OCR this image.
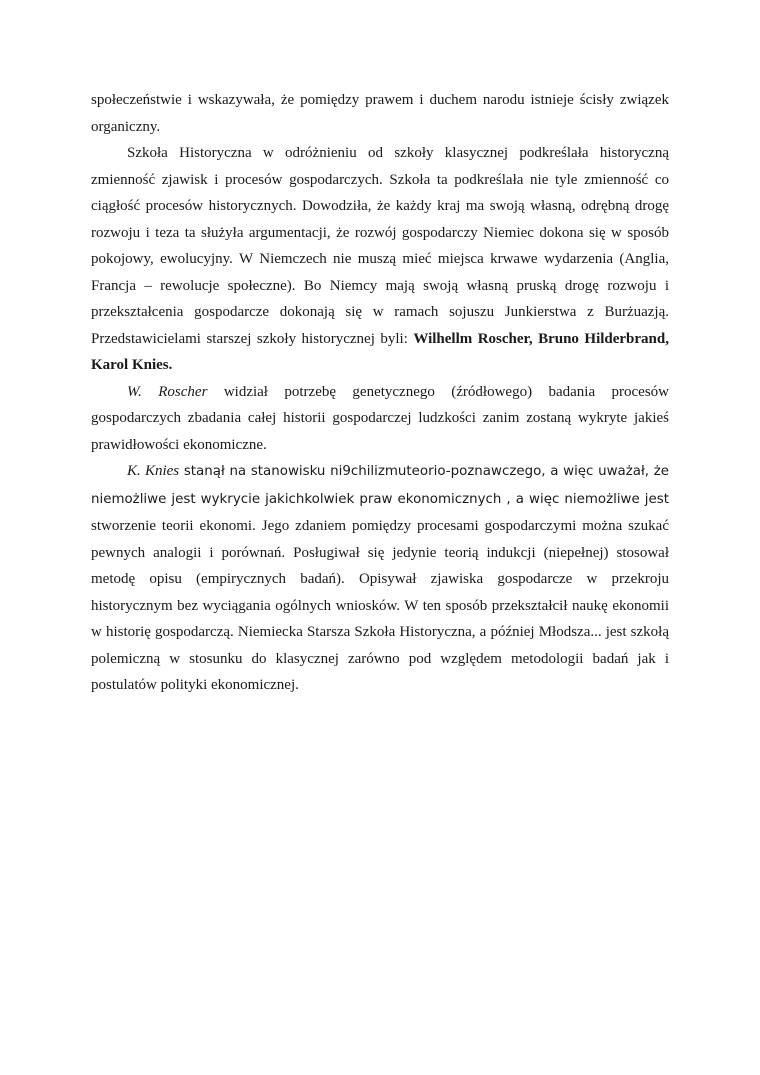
społeczeństwie i wskazywała, że pomiędzy prawem i duchem narodu istnieje ścisły związek organiczny.

Szkoła Historyczna w odróżnieniu od szkoły klasycznej podkreślała historyczną zmienność zjawisk i procesów gospodarczych. Szkoła ta podkreślała nie tyle zmienność co ciągłość procesów historycznych. Dowodziła, że każdy kraj ma swoją własną, odrębną drogę rozwoju i teza ta służyła argumentacji, że rozwój gospodarczy Niemiec dokona się w sposób pokojowy, ewolucyjny. W Niemczech nie muszą mieć miejsca krwawe wydarzenia (Anglia, Francja – rewolucje społeczne). Bo Niemcy mają swoją własną pruską drogę rozwoju i przekształcenia gospodarcze dokonają się w ramach sojuszu Junkierstwa z Burżuazją. Przedstawicielami starszej szkoły historycznej byli: Wilhellm Roscher, Bruno Hilderbrand, Karol Knies.

W. Roscher widział potrzebę genetycznego (źródłowego) badania procesów gospodarczych zbadania całej historii gospodarczej ludzkości zanim zostaną wykryte jakieś prawidłowości ekonomiczne.

K. Knies stanął na stanowisku ni9chilizmuteorio-poznawczego, a więc uważał, że niemożliwe jest wykrycie jakichkolwiek praw ekonomicznych , a więc niemożliwe jest stworzenie teorii ekonomi. Jego zdaniem pomiędzy procesami gospodarczymi można szukać pewnych analogii i porównań. Posługiwał się jedynie teorią indukcji (niepełnej) stosował metodę opisu (empirycznych badań). Opisywał zjawiska gospodarcze w przekroju historycznym bez wyciągania ogólnych wniosków. W ten sposób przekształcił naukę ekonomii w historię gospodarczą. Niemiecka Starsza Szkoła Historyczna, a później Młodsza... jest szkołą polemiczną w stosunku do klasycznej zarówno pod względem metodologii badań jak i postulatów polityki ekonomicznej.
